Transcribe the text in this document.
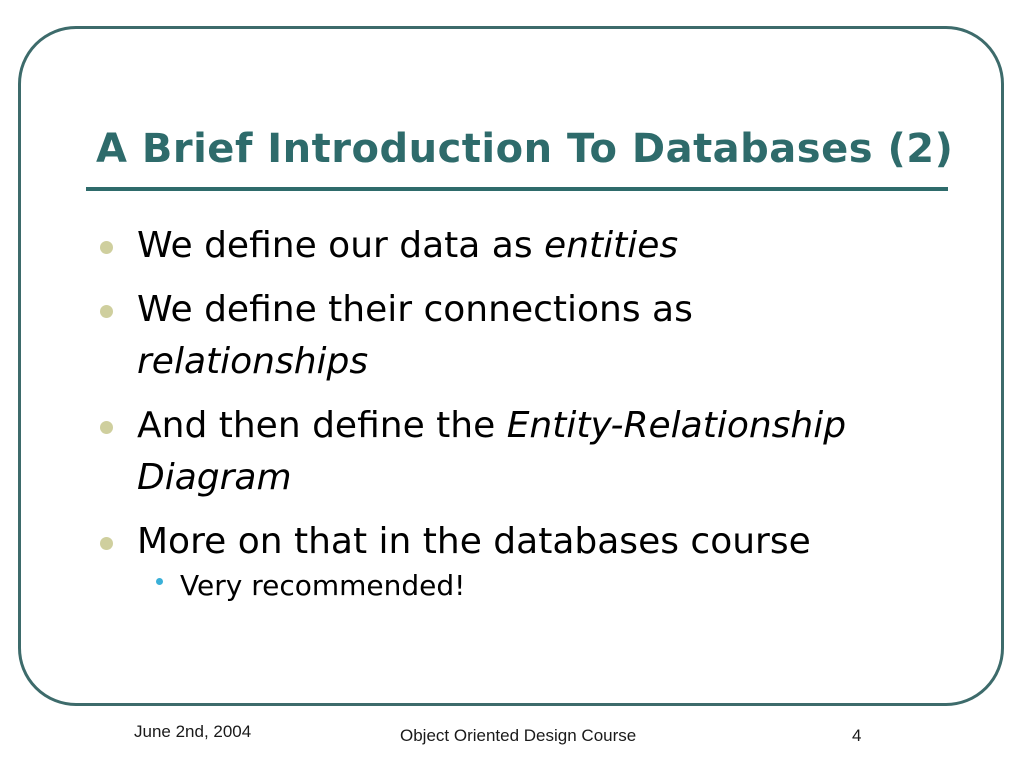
A Brief Introduction To Databases (2)
We define our data as entities
We define their connections as
relationships
And then define the Entity-Relationship Diagram
More on that in the databases course
Very recommended!
June 2nd, 2004	Object Oriented Design Course	4
